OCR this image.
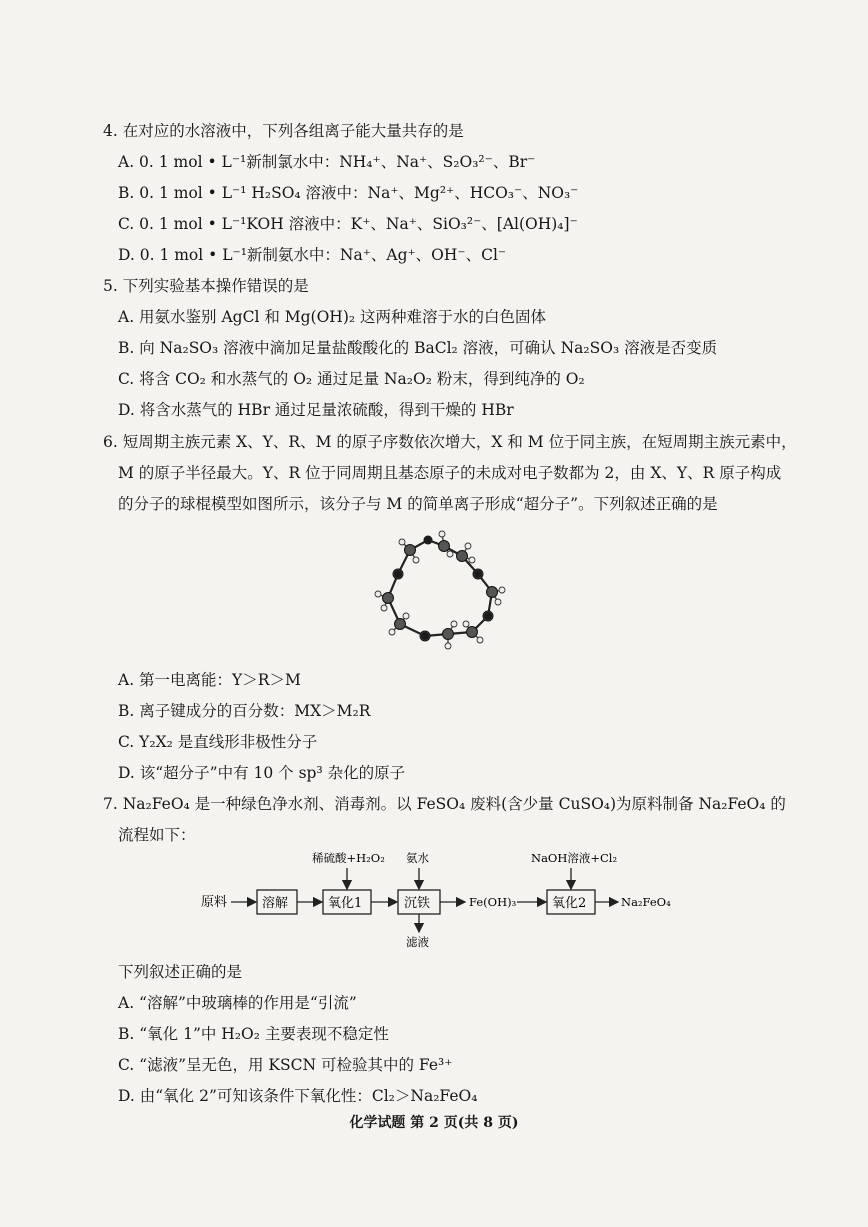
4. 在对应的水溶液中，下列各组离子能大量共存的是
A. 0. 1 mol • L⁻¹新制氯水中：NH₄⁺、Na⁺、S₂O₃²⁻、Br⁻
B. 0. 1 mol • L⁻¹ H₂SO₄ 溶液中：Na⁺、Mg²⁺、HCO₃⁻、NO₃⁻
C. 0. 1 mol • L⁻¹KOH 溶液中：K⁺、Na⁺、SiO₃²⁻、[Al(OH)₄]⁻
D. 0. 1 mol • L⁻¹新制氨水中：Na⁺、Ag⁺、OH⁻、Cl⁻
5. 下列实验基本操作错误的是
A. 用氨水鉴别 AgCl 和 Mg(OH)₂ 这两种难溶于水的白色固体
B. 向 Na₂SO₃ 溶液中滴加足量盐酸酸化的 BaCl₂ 溶液，可确认 Na₂SO₃ 溶液是否变质
C. 将含 CO₂ 和水蒸气的 O₂ 通过足量 Na₂O₂ 粉末，得到纯净的 O₂
D. 将含水蒸气的 HBr 通过足量浓硫酸，得到干燥的 HBr
6. 短周期主族元素 X、Y、R、M 的原子序数依次增大，X 和 M 位于同主族，在短周期主族元素中，
M 的原子半径最大。Y、R 位于同周期且基态原子的未成对电子数都为 2，由 X、Y、R 原子构成
的分子的球棍模型如图所示，该分子与 M 的简单离子形成“超分子”。下列叙述正确的是
A. 第一电离能：Y＞R＞M
B. 离子键成分的百分数：MX＞M₂R
C. Y₂X₂ 是直线形非极性分子
D. 该“超分子”中有 10 个 sp³ 杂化的原子
7. Na₂FeO₄ 是一种绿色净水剂、消毒剂。以 FeSO₄ 废料(含少量 CuSO₄)为原料制备 Na₂FeO₄ 的
流程如下：
原料	溶解	氧化1	沉铁	Fe(OH)₃	氧化2	Na₂FeO₄
稀硫酸+H₂O₂ 氨水	NaOH溶液+Cl₂
滤液
下列叙述正确的是
A. “溶解”中玻璃棒的作用是“引流”
B. “氧化 1”中 H₂O₂ 主要表现不稳定性
C. “滤液”呈无色，用 KSCN 可检验其中的 Fe³⁺
D. 由“氧化 2”可知该条件下氧化性：Cl₂＞Na₂FeO₄
化学试题 第 2 页(共 8 页)
